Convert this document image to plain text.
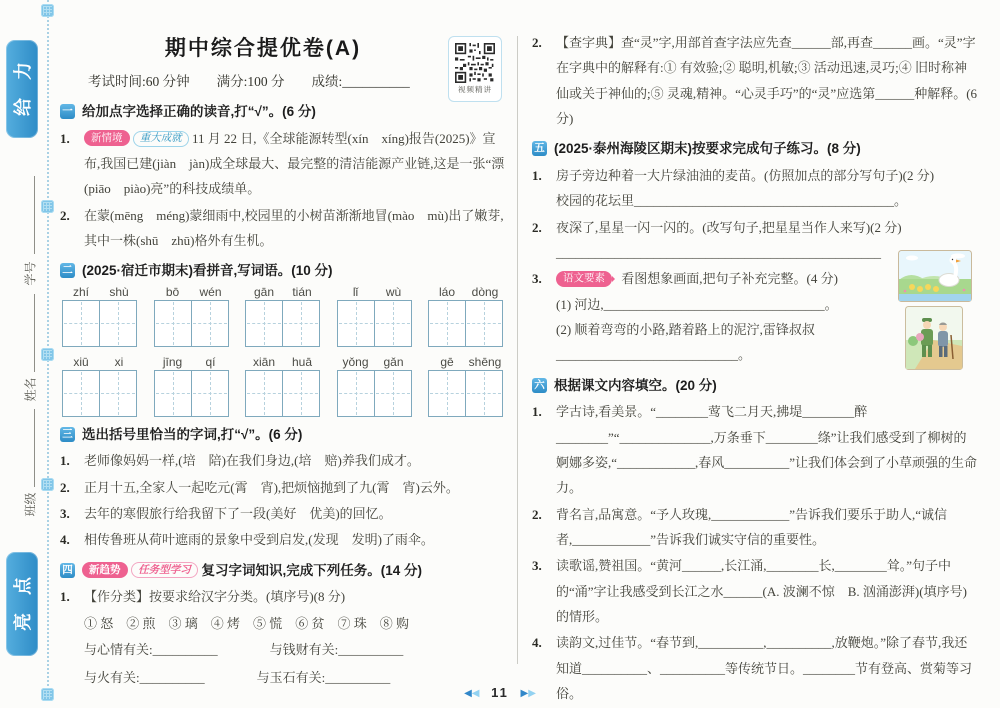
给力
学号
姓名
班级
亮点
视频精讲
期中综合提优卷(A)
考试时间:60 分钟　　满分:100 分　　成绩:__________
一 给加点字选择正确的读音,打“√”。(6 分)
1.	新情境 重大成就 11 月 22 日,《全球能源转型(xín　xíng)报告(2025)》宣布,我国已建(jiàn　jàn)成全球最大、最完整的清洁能源产业链,这是一张“漂(piāo　piào)亮”的科技成绩单。
2.	在蒙(mēng　méng)蒙细雨中,校园里的小树苗渐渐地冒(mào　mù)出了嫩芽,其中一株(shū　zhū)格外有生机。
二 (2025·宿迁市期末)看拼音,写词语。(10 分)
zhí	shù	bō	wén	gān	tián	lǐ	wù	láo	dòng
xiū	xi	jīng	qí	xiān	huā	yǒng	gǎn	gē	shēng
三 选出括号里恰当的字词,打“√”。(6 分)
1.	老师像妈妈一样,(培　陪)在我们身边,(培　赔)养我们成才。
2.	正月十五,全家人一起吃元(霄　宵),把烦恼抛到了九(霄　宵)云外。
3.	去年的寒假旅行给我留下了一段(美好　优美)的回忆。
4.	相传鲁班从荷叶遮雨的景象中受到启发,(发现　发明)了雨伞。
四	新趋势 任务型学习 复习字词知识,完成下列任务。(14 分)
1.	【作分类】按要求给汉字分类。(填序号)(8 分)
① 怒　② 煎　③ 璃　④ 烤　⑤ 慌　⑥ 贫　⑦ 珠　⑧ 购
与心情有关:__________	与钱财有关:__________
与火有关:__________	与玉石有关:__________
2.	【查字典】查“灵”字,用部首查字法应先查______部,再查______画。“灵”字在字典中的解释有:① 有效验;② 聪明,机敏;③ 活动迅速,灵巧;④ 旧时称神仙或关于神仙的;⑤ 灵魂,精神。“心灵手巧”的“灵”应选第______种解释。(6 分)
五 (2025·泰州海陵区期末)按要求完成句子练习。(8 分)
1.	房子旁边种着一大片绿油油的麦苗。(仿照加点的部分写句子)(2 分)
校园的花坛里________________________________________。
2.	夜深了,星星一闪一闪的。(改写句子,把星星当作人来写)(2 分)
__________________________________________________
3.	语文要素 看图想象画面,把句子补充完整。(4 分)
(1) 河边,__________________________________。
(2) 顺着弯弯的小路,踏着路上的泥泞,雷锋叔叔____________________________。
六 根据课文内容填空。(20 分)
1.	学古诗,看美景。“________莺飞二月天,拂堤________醉________”“______________,万条垂下________绦”让我们感受到了柳树的婀娜多姿,“____________,春风__________”让我们体会到了小草顽强的生命力。
2.	背名言,品寓意。“予人玫瑰,____________”告诉我们要乐于助人,“诚信者,____________”告诉我们诚实守信的重要性。
3.	读歌谣,赞祖国。“黄河______,长江涌,________长,________耸。”句子中的“涌”字让我感受到长江之水______(A. 波澜不惊　B. 汹涌澎湃)(填序号)的情形。
4.	读韵文,过佳节。“春节到,__________,__________,放鞭炮。”除了春节,我还知道__________、__________等传统节日。________节有登高、赏菊等习俗。
◀◀ 11 ▶▶
